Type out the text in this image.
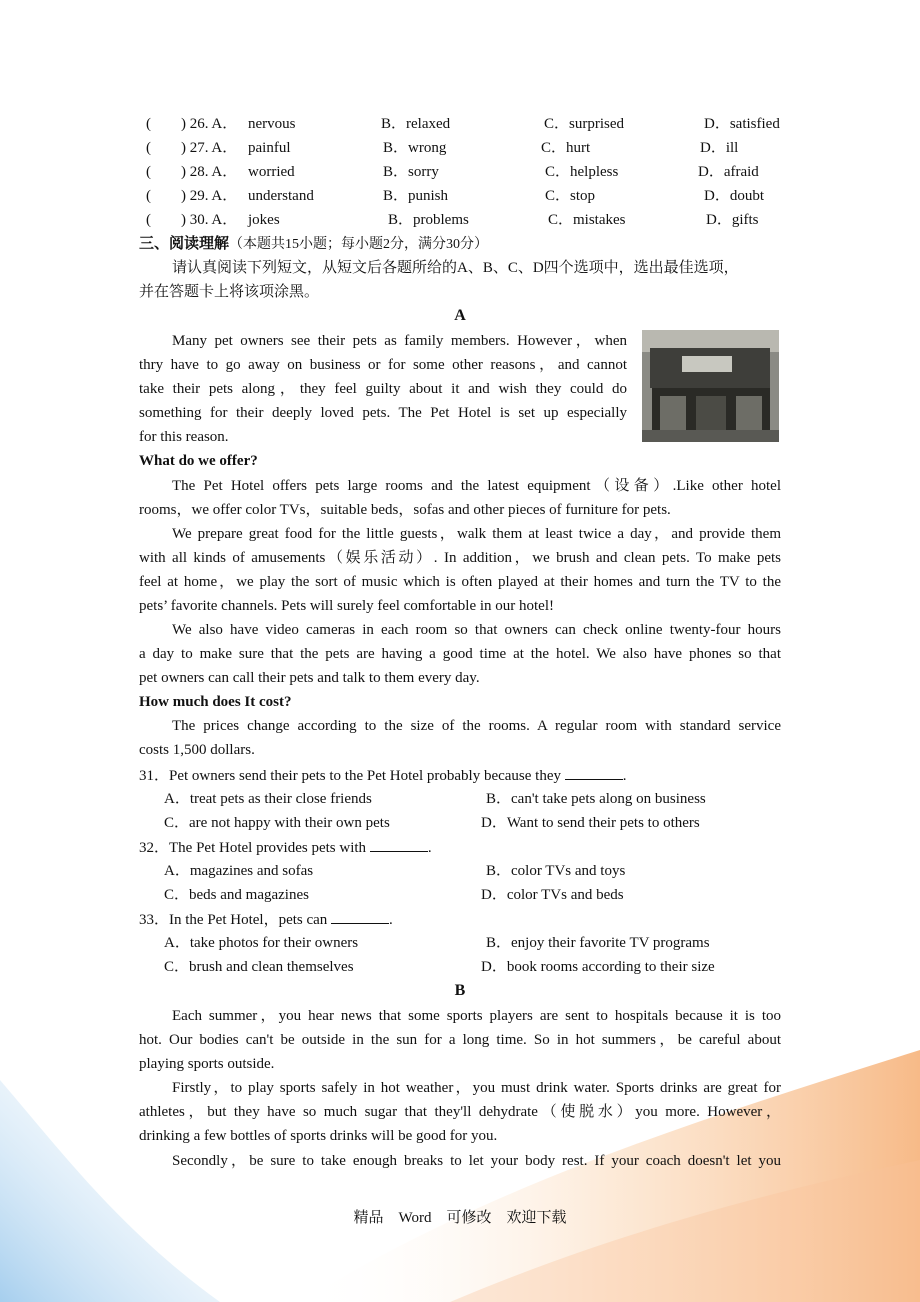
(　　) 26. A． nervous	B．relaxed	C．surprised	D．satisfied
(　　) 27. A． painful	B．wrong	C．hurt	D．ill
(　　) 28. A． worried	B．sorry	C．helpless	D．afraid
(　　) 29. A． understand	B．punish	C．stop	D．doubt
(　　) 30. A． jokes	B．problems	C．mistakes	D．gifts
三、阅读理解（本题共15小题；每小题2分，满分30分）
请认真阅读下列短文，从短文后各题所给的A、B、C、D四个选项中，选出最佳选项，
并在答题卡上将该项涂黑。
A
Many pet owners see their pets as family members. However，when
thry have to go away on business or for some other reasons，and cannot
take their pets along，they feel guilty about it and wish they could do
something for their deeply loved pets. The Pet Hotel is set up especially
for this reason.
What do we offer?
The Pet Hotel offers pets large rooms and the latest equipment（设备）.Like other hotel
rooms，we offer color TVs，suitable beds，sofas and other pieces of furniture for pets.
We prepare great food for the little guests，walk them at least twice a day，and provide them
with all kinds of amusements（娱乐活动）. In addition，we brush and clean pets. To make pets
feel at home，we play the sort of music which is often played at their homes and turn the TV to the
pets’ favorite channels. Pets will surely feel comfortable in our hotel!
We also have video cameras in each room so that owners can check online twenty-four hours
a day to make sure that the pets are having a good time at the hotel. We also have phones so that
pet owners can call their pets and talk to them every day.
How much does It cost?
The prices change according to the size of the rooms. A regular room with standard service
costs 1,500 dollars.
31．Pet owners send their pets to the Pet Hotel probably because they	.
A．treat pets as their close friends	B．can't take pets along on business
C．are not happy with their own pets	D．Want to send their pets to others
32．The Pet Hotel provides pets with	.
A．magazines and sofas	B．color TVs and toys
C．beds and magazines	D．color TVs and beds
33．In the Pet Hotel，pets can	.
A．take photos for their owners	B．enjoy their favorite TV programs
C．brush and clean themselves	D．book rooms according to their size
B
Each summer，you hear news that some sports players are sent to hospitals because it is too
hot. Our bodies can't be outside in the sun for a long time. So in hot summers，be careful about
playing sports outside.
Firstly，to play sports safely in hot weather，you must drink water. Sports drinks are great for
athletes，but they have so much sugar that they'll dehydrate（使脱水）you more. However，
drinking a few bottles of sports drinks will be good for you.
Secondly，be sure to take enough breaks to let your body rest. If your coach doesn't let you
精品　Word　可修改　欢迎下载
